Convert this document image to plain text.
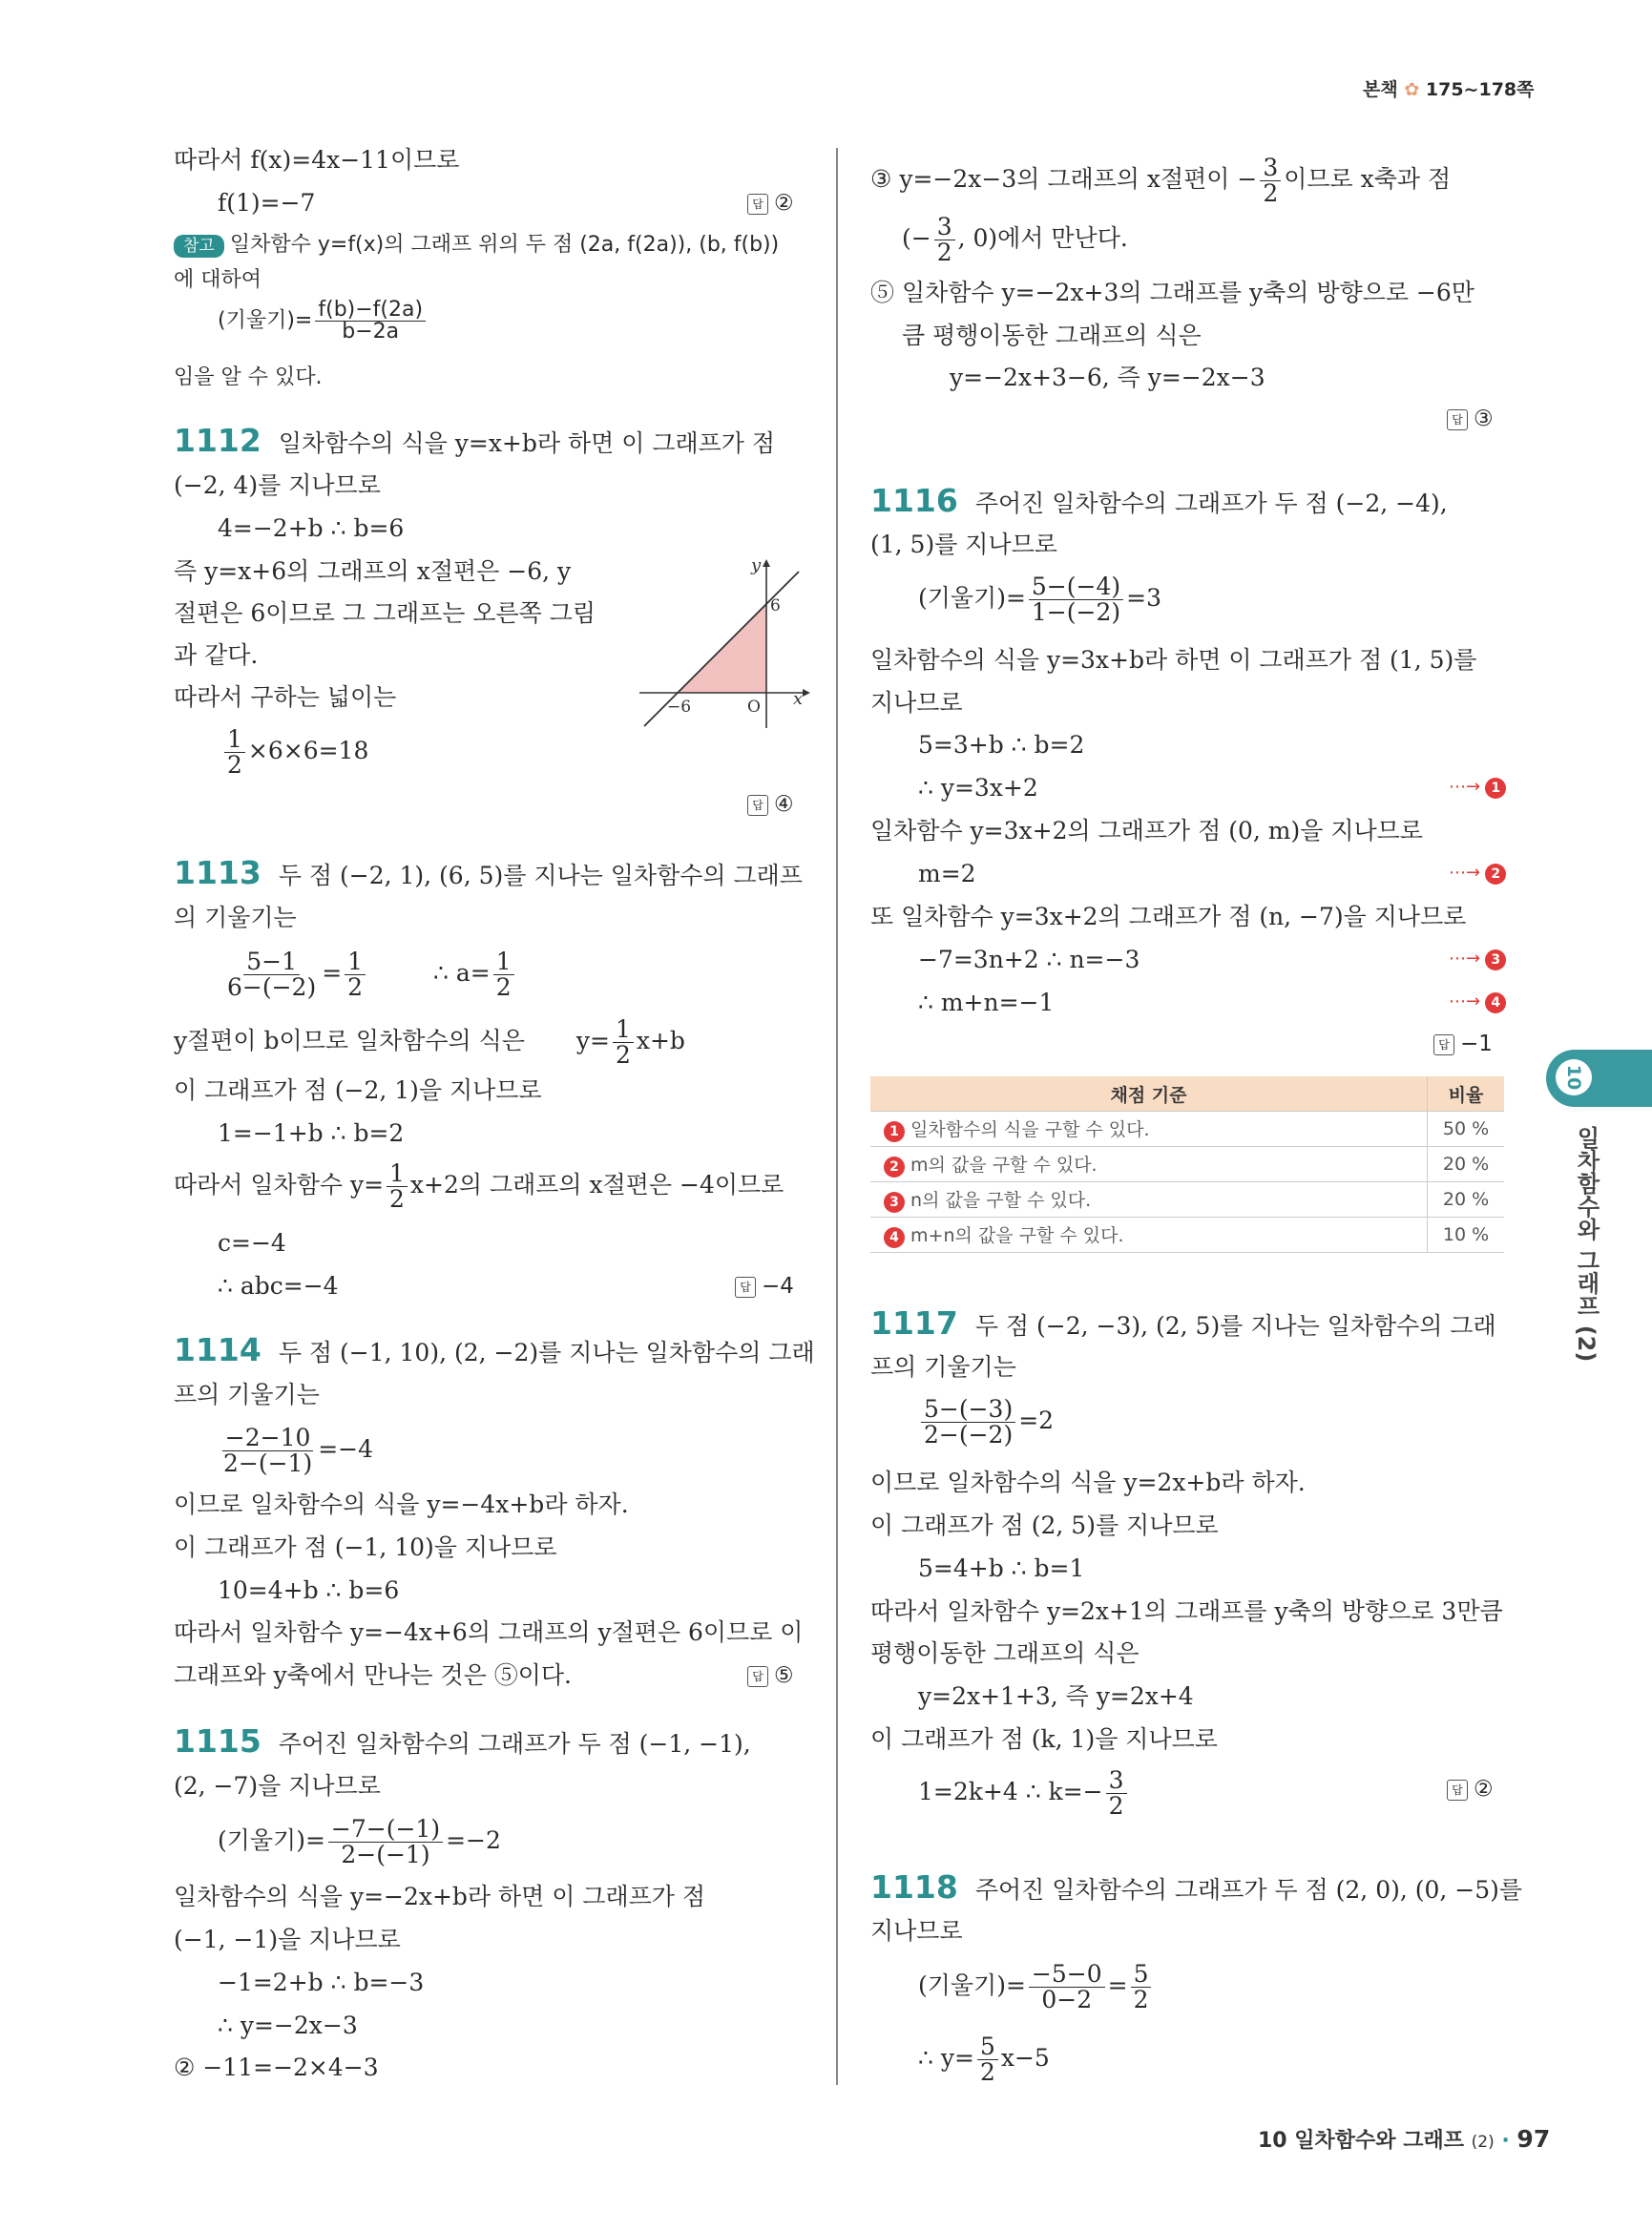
본책 ✿ 175~178쪽
10
일차함수와 그래프 (2)
따라서 f(x)=4x−11이므로
f(1)=−7	답 ②
참고 일차함수 y=f(x)의 그래프 위의 두 점 (2a, f(2a)), (b, f(b))
에 대하여
(기울기)= $\frac{f(b)-f(2a)}{b-2a}$
임을 알 수 있다.
1112 일차함수의 식을 y=x+b라 하면 이 그래프가 점
(−2, 4)를 지나므로
4=−2+b ∴ b=6
즉 y=x+6의 그래프의 x절편은 −6, y
절편은 6이므로 그 그래프는 오른쪽 그림
과 같다.
따라서 구하는 넓이는
$\frac{1}{2} \times 6\times 6=18$
답 ④
y
x
6
−6	O
1113 두 점 (−2, 1), (6, 5)를 지나는 일차함수의 그래프
의 기울기는
$\frac{5-1}{6-(-2)} = \frac{1}{2}$	∴ $a= \frac{1}{2}$
y절편이 b이므로 일차함수의 식은 $y= \frac{1}{2} x+b$
이 그래프가 점 (−2, 1)을 지나므로
1=−1+b ∴ b=2
따라서 일차함수 $y= \frac{1}{2} x+2$의 그래프의 x절편은 −4이므로
c=−4
∴ abc=−4	답 −4
1114 두 점 (−1, 10), (2, −2)를 지나는 일차함수의 그래
프의 기울기는
$\frac{-2-10}{2-(-1)} =-4$
이므로 일차함수의 식을 y=−4x+b라 하자.
이 그래프가 점 (−1, 10)을 지나므로
10=4+b ∴ b=6
따라서 일차함수 y=−4x+6의 그래프의 y절편은 6이므로 이
그래프와 y축에서 만나는 것은 ⑤이다.	답 ⑤
1115 주어진 일차함수의 그래프가 두 점 (−1, −1),
(2, −7)을 지나므로
(기울기)= $\frac{-7-(-1)}{2-(-1)} =-2$
일차함수의 식을 y=−2x+b라 하면 이 그래프가 점
(−1, −1)을 지나므로
−1=2+b ∴ b=−3
∴ y=−2x−3
② −11=−2×4−3
③ y=−2x−3의 그래프의 x절편이 − $\frac{3}{2}$ 이므로 x축과 점
(− $\frac{3}{2}$ , 0)에서 만난다.
⑤ 일차함수 y=−2x+3의 그래프를 y축의 방향으로 −6만
큼 평행이동한 그래프의 식은
y=−2x+3−6, 즉 y=−2x−3
답 ③
1116 주어진 일차함수의 그래프가 두 점 (−2, −4),
(1, 5)를 지나므로
(기울기)= $\frac{5-(-4)}{1-(-2)} =3$
일차함수의 식을 y=3x+b라 하면 이 그래프가 점 (1, 5)를
지나므로
5=3+b ∴ b=2
∴ y=3x+2	⋯→ 1
일차함수 y=3x+2의 그래프가 점 (0, m)을 지나므로
m=2	⋯→ 2
또 일차함수 y=3x+2의 그래프가 점 (n, −7)을 지나므로
−7=3n+2 ∴ n=−3	⋯→ 3
∴ m+n=−1	⋯→ 4
답 −1
채점 기준	비율
1 일차함수의 식을 구할 수 있다.	50 %
2 m의 값을 구할 수 있다.	20 %
3 n의 값을 구할 수 있다.	20 %
4 m+n의 값을 구할 수 있다.	10 %
1117 두 점 (−2, −3), (2, 5)를 지나는 일차함수의 그래
프의 기울기는
$\frac{5-(-3)}{2-(-2)} =2$
이므로 일차함수의 식을 y=2x+b라 하자.
이 그래프가 점 (2, 5)를 지나므로
5=4+b ∴ b=1
따라서 일차함수 y=2x+1의 그래프를 y축의 방향으로 3만큼
평행이동한 그래프의 식은
y=2x+1+3, 즉 y=2x+4
이 그래프가 점 (k, 1)을 지나므로
1=2k+4 ∴ $k=- \frac{3}{2}$	답 ②
1118 주어진 일차함수의 그래프가 두 점 (2, 0), (0, −5)를
지나므로
(기울기)= $\frac{-5-0}{0-2} = \frac{5}{2}$
∴ $y= \frac{5}{2} x-5$
10 일차함수와 그래프 (2) · 97
